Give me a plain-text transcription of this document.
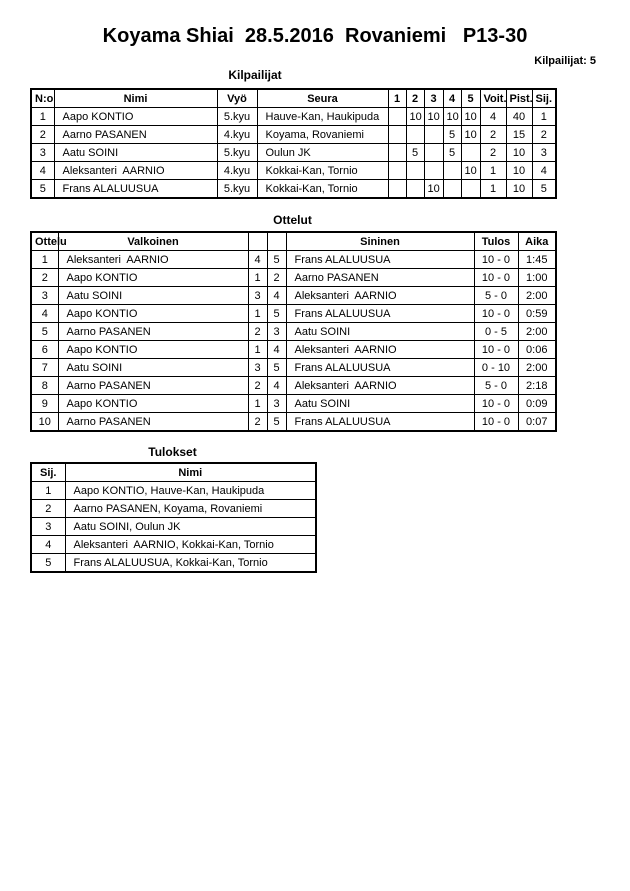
Koyama Shiai  28.5.2016  Rovaniemi   P13-30
Kilpailijat: 5
Kilpailijat
N:o	Nimi	Vyö	Seura	1	2	3	4	5	Voit.	Pist.	Sij.
1	Aapo KONTIO	5.kyu	Hauve-Kan, Haukipuda		10	10	10	10	4	40	1
2	Aarno PASANEN	4.kyu	Koyama, Rovaniemi				5	10	2	15	2
3	Aatu SOINI	5.kyu	Oulun JK		5		5		2	10	3
4	Aleksanteri  AARNIO	4.kyu	Kokkai-Kan, Tornio					10	1	10	4
5	Frans ALALUUSUA	5.kyu	Kokkai-Kan, Tornio			10			1	10	5
Ottelut
Ottelu	Valkoinen			Sininen	Tulos	Aika
1	Aleksanteri  AARNIO	4	5	Frans ALALUUSUA	10 - 0	1:45
2	Aapo KONTIO	1	2	Aarno PASANEN	10 - 0	1:00
3	Aatu SOINI	3	4	Aleksanteri  AARNIO	5 - 0	2:00
4	Aapo KONTIO	1	5	Frans ALALUUSUA	10 - 0	0:59
5	Aarno PASANEN	2	3	Aatu SOINI	0 - 5	2:00
6	Aapo KONTIO	1	4	Aleksanteri  AARNIO	10 - 0	0:06
7	Aatu SOINI	3	5	Frans ALALUUSUA	0 - 10	2:00
8	Aarno PASANEN	2	4	Aleksanteri  AARNIO	5 - 0	2:18
9	Aapo KONTIO	1	3	Aatu SOINI	10 - 0	0:09
10	Aarno PASANEN	2	5	Frans ALALUUSUA	10 - 0	0:07
Tulokset
Sij.	Nimi
1	Aapo KONTIO, Hauve-Kan, Haukipuda
2	Aarno PASANEN, Koyama, Rovaniemi
3	Aatu SOINI, Oulun JK
4	Aleksanteri  AARNIO, Kokkai-Kan, Tornio
5	Frans ALALUUSUA, Kokkai-Kan, Tornio
